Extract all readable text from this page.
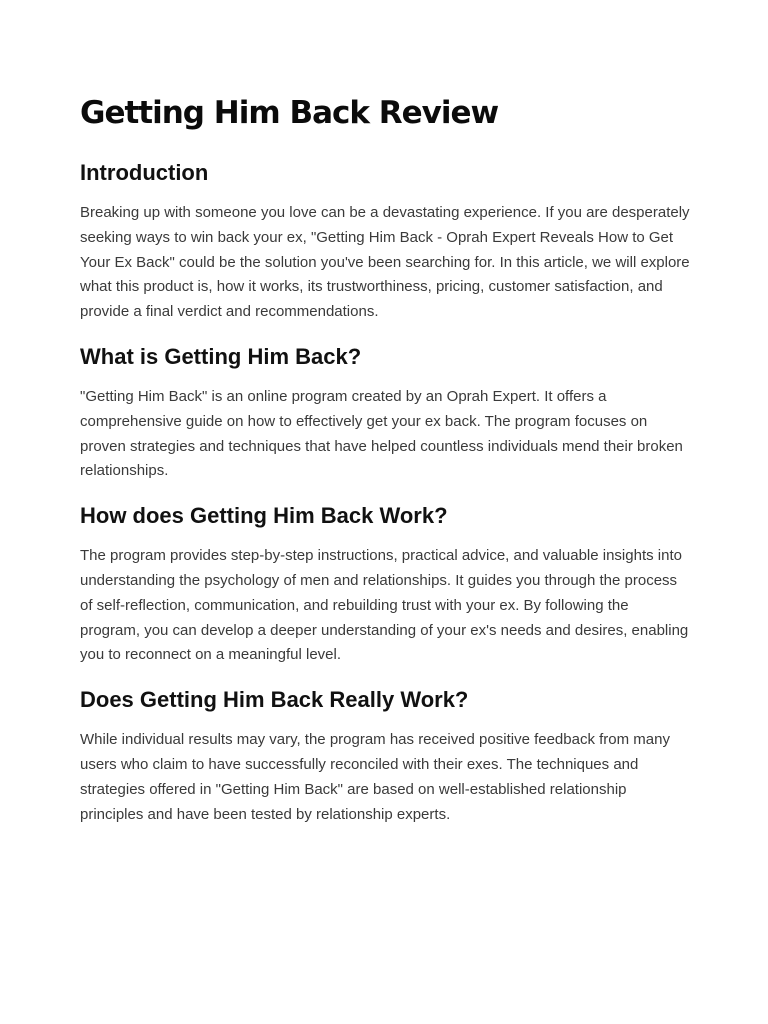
Getting Him Back Review
Introduction

Breaking up with someone you love can be a devastating experience. If you are desperately seeking ways to win back your ex, "Getting Him Back - Oprah Expert Reveals How to Get Your Ex Back" could be the solution you've been searching for. In this article, we will explore what this product is, how it works, its trustworthiness, pricing, customer satisfaction, and provide a final verdict and recommendations.

What is Getting Him Back?

"Getting Him Back" is an online program created by an Oprah Expert. It offers a comprehensive guide on how to effectively get your ex back. The program focuses on proven strategies and techniques that have helped countless individuals mend their broken relationships.

How does Getting Him Back Work?

The program provides step-by-step instructions, practical advice, and valuable insights into understanding the psychology of men and relationships. It guides you through the process of self-reflection, communication, and rebuilding trust with your ex. By following the program, you can develop a deeper understanding of your ex's needs and desires, enabling you to reconnect on a meaningful level.

Does Getting Him Back Really Work?

While individual results may vary, the program has received positive feedback from many users who claim to have successfully reconciled with their exes. The techniques and strategies offered in "Getting Him Back" are based on well-established relationship principles and have been tested by relationship experts.
